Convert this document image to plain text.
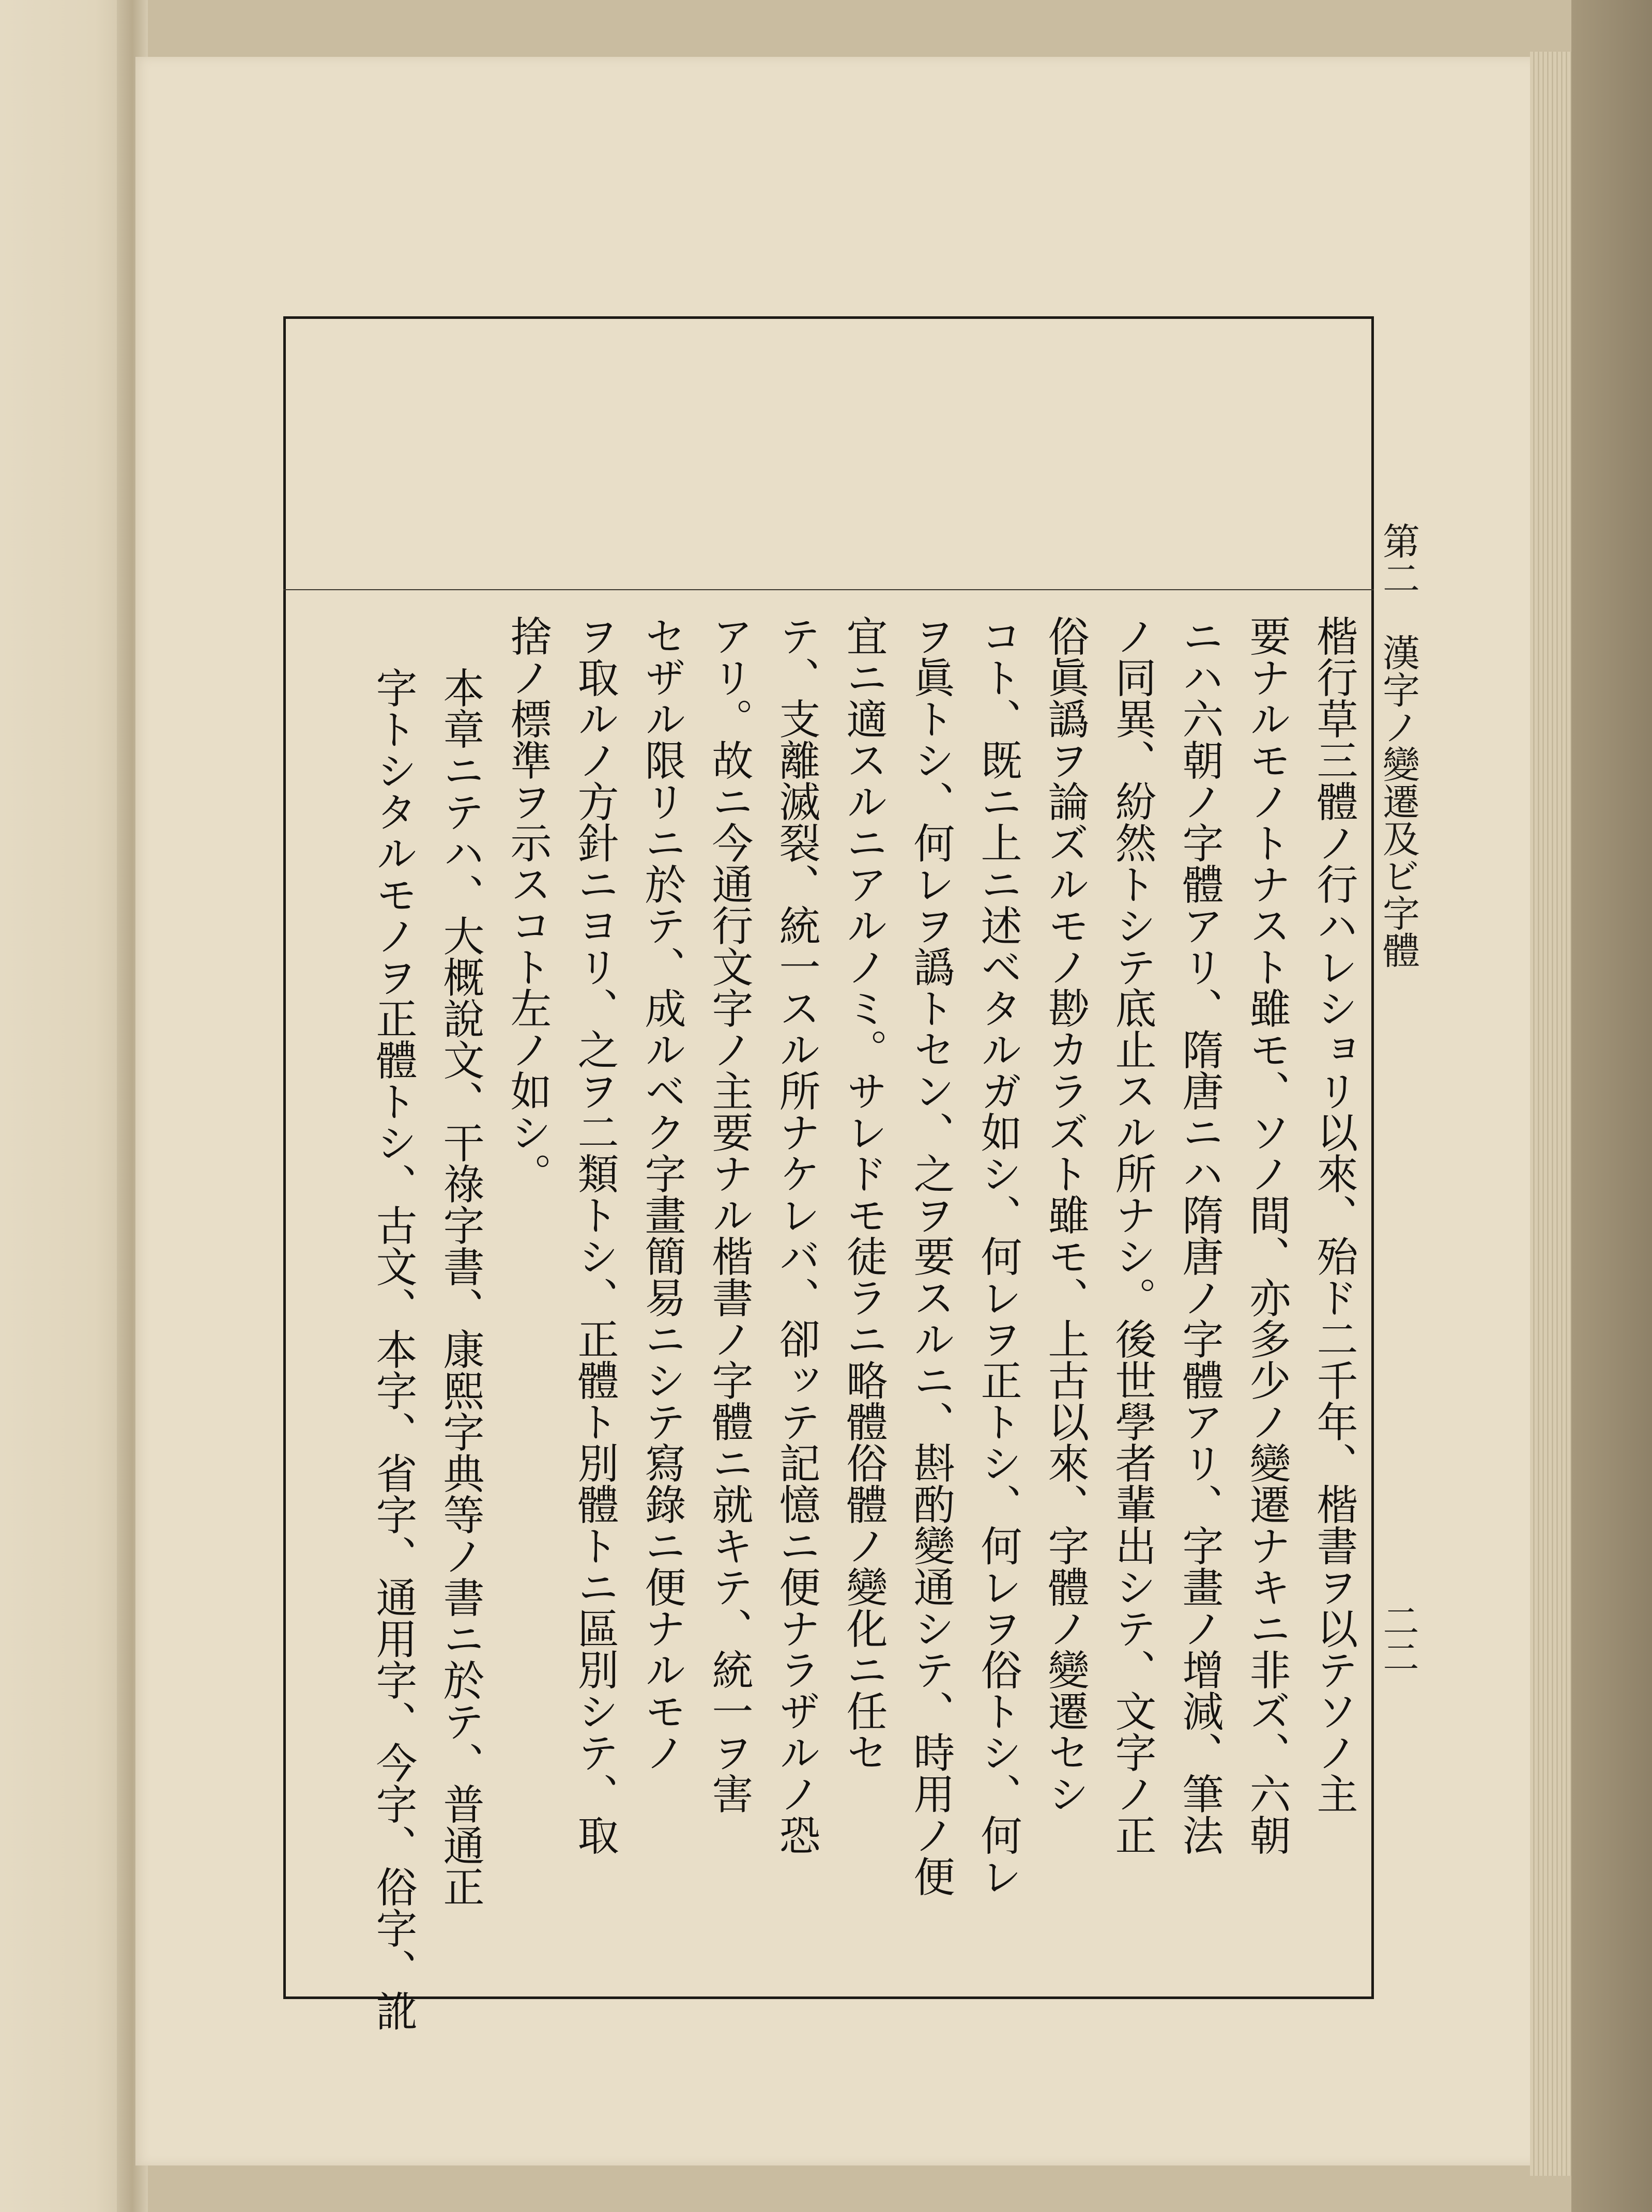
第二　漢字ノ變遷及ビ字體
二二
楷行草三體ノ行ハレショリ以來、殆ド二千年、楷書ヲ以テソノ主
要ナルモノトナスト雖モ、ソノ間、亦多少ノ變遷ナキニ非ズ、六朝
ニハ六朝ノ字體アリ、隋唐ニハ隋唐ノ字體アリ、字畫ノ增減、筆法
ノ同異、紛然トシテ底止スル所ナシ。後世學者輩出シテ、文字ノ正
俗眞譌ヲ論ズルモノ尠カラズト雖モ、上古以來、字體ノ變遷セシ
コト、既ニ上ニ述ベタルガ如シ、何レヲ正トシ、何レヲ俗トシ、何レ
ヲ眞トシ、何レヲ譌トセン、之ヲ要スルニ、斟酌變通シテ、時用ノ便
宜ニ適スルニアルノミ。サレドモ徒ラニ略體俗體ノ變化ニ任セ
テ、支離滅裂、統一スル所ナケレバ、卻ッテ記憶ニ便ナラザルノ恐
アリ。故ニ今通行文字ノ主要ナル楷書ノ字體ニ就キテ、統一ヲ害
セザル限リニ於テ、成ルベク字畫簡易ニシテ寫錄ニ便ナルモノ
ヲ取ルノ方針ニヨリ、之ヲ二類トシ、正體ト別體トニ區別シテ、取
捨ノ標準ヲ示スコト左ノ如シ。
本章ニテハ、大概說文、干祿字書、康熙字典等ノ書ニ於テ、普通正
字トシタルモノヲ正體トシ、古文、本字、省字、通用字、今字、俗字、訛
